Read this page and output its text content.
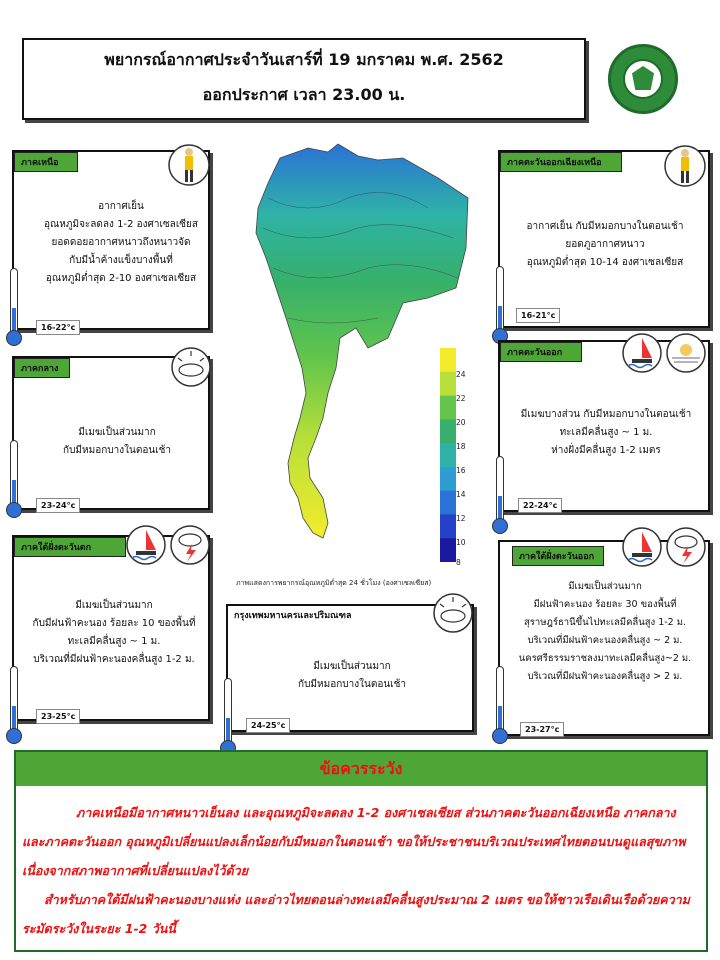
พยากรณ์อากาศประจำวันเสาร์ที่ 19 มกราคม พ.ศ. 2562
ออกประกาศ เวลา 23.00 น.
ภาคเหนือ
อากาศเย็น
อุณหภูมิจะลดลง 1-2 องศาเซลเซียส
ยอดดอยอากาศหนาวถึงหนาวจัด
กับมีน้ำค้างแข็งบางพื้นที่
อุณหภูมิต่ำสุด 2-10 องศาเซลเซียส
16-22°c
ภาคตะวันออกเฉียงเหนือ
อากาศเย็น กับมีหมอกบางในตอนเช้า
ยอดภูอากาศหนาว
อุณหภูมิต่ำสุด 10-14 องศาเซลเซียส
16-21°c
ภาคกลาง
มีเมฆเป็นส่วนมาก
กับมีหมอกบางในตอนเช้า
23-24°c
ภาคตะวันออก
มีเมฆบางส่วน กับมีหมอกบางในตอนเช้า
ทะเลมีคลื่นสูง ~ 1 ม.
ห่างฝั่งมีคลื่นสูง 1-2 เมตร
22-24°c
ภาคใต้ฝั่งตะวันตก
มีเมฆเป็นส่วนมาก
กับมีฝนฟ้าคะนอง ร้อยละ 10 ของพื้นที่
ทะเลมีคลื่นสูง ~ 1 ม.
บริเวณที่มีฝนฟ้าคะนองคลื่นสูง 1-2 ม.
23-25°c
กรุงเทพมหานครและปริมณฑล
มีเมฆเป็นส่วนมาก
กับมีหมอกบางในตอนเช้า
24-25°c
ภาคใต้ฝั่งตะวันออก
มีเมฆเป็นส่วนมาก
มีฝนฟ้าคะนอง ร้อยละ 30 ของพื้นที่
สุราษฎร์ธานีขึ้นไปทะเลมีคลื่นสูง 1-2 ม.
บริเวณที่มีฝนฟ้าคะนองคลื่นสูง ~ 2 ม.
นครศรีธรรมราชลงมาทะเลมีคลื่นสูง~2 ม.
บริเวณที่มีฝนฟ้าคะนองคลื่นสูง > 2 ม.
23-27°c
24
22
20
18
16
14
12
10
8
ภาพแสดงการพยากรณ์อุณหภูมิต่ำสุด 24 ชั่วโมง (องศาเซลเซียส)
ข้อควรระวัง

ภาคเหนือมีอากาศหนาวเย็นลง และอุณหภูมิจะลดลง 1-2 องศาเซลเซียส ส่วนภาคตะวันออกเฉียงเหนือ ภาคกลาง และภาคตะวันออก อุณหภูมิเปลี่ยนแปลงเล็กน้อยกับมีหมอกในตอนเช้า ขอให้ประชาชนบริเวณประเทศไทยตอนบนดูแลสุขภาพเนื่องจากสภาพอากาศที่เปลี่ยนแปลงไว้ด้วย

สำหรับภาคใต้มีฝนฟ้าคะนองบางแห่ง และอ่าวไทยตอนล่างทะเลมีคลื่นสูงประมาณ 2 เมตร ขอให้ชาวเรือเดินเรือด้วยความระมัดระวังในระยะ 1-2 วันนี้
